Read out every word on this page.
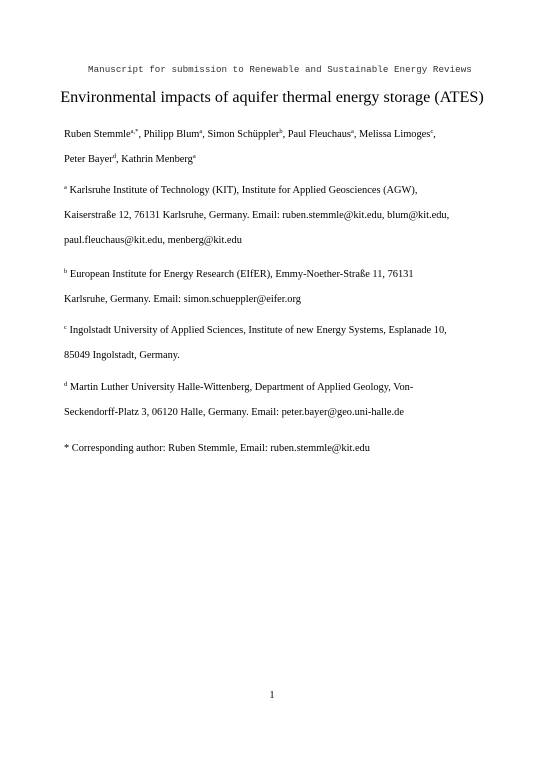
Manuscript for submission to Renewable and Sustainable Energy Reviews
Environmental impacts of aquifer thermal energy storage (ATES)
Ruben Stemmle$^{a,*}$, Philipp Blum$^a$, Simon Schüppler$^b$, Paul Fleuchaus$^a$, Melissa Limoges$^c$,
Peter Bayer$^d$, Kathrin Menberg$^a$
$^a$ Karlsruhe Institute of Technology (KIT), Institute for Applied Geosciences (AGW),
Kaiserstraße 12, 76131 Karlsruhe, Germany. Email: ruben.stemmle@kit.edu, blum@kit.edu,
paul.fleuchaus@kit.edu, menberg@kit.edu
$^b$ European Institute for Energy Research (EIfER), Emmy-Noether-Straße 11, 76131
Karlsruhe, Germany. Email: simon.schueppler@eifer.org
$^c$ Ingolstadt University of Applied Sciences, Institute of new Energy Systems, Esplanade 10,
85049 Ingolstadt, Germany.
$^d$ Martin Luther University Halle-Wittenberg, Department of Applied Geology, Von-
Seckendorff-Platz 3, 06120 Halle, Germany. Email: peter.bayer@geo.uni-halle.de
* Corresponding author: Ruben Stemmle, Email: ruben.stemmle@kit.edu
1
